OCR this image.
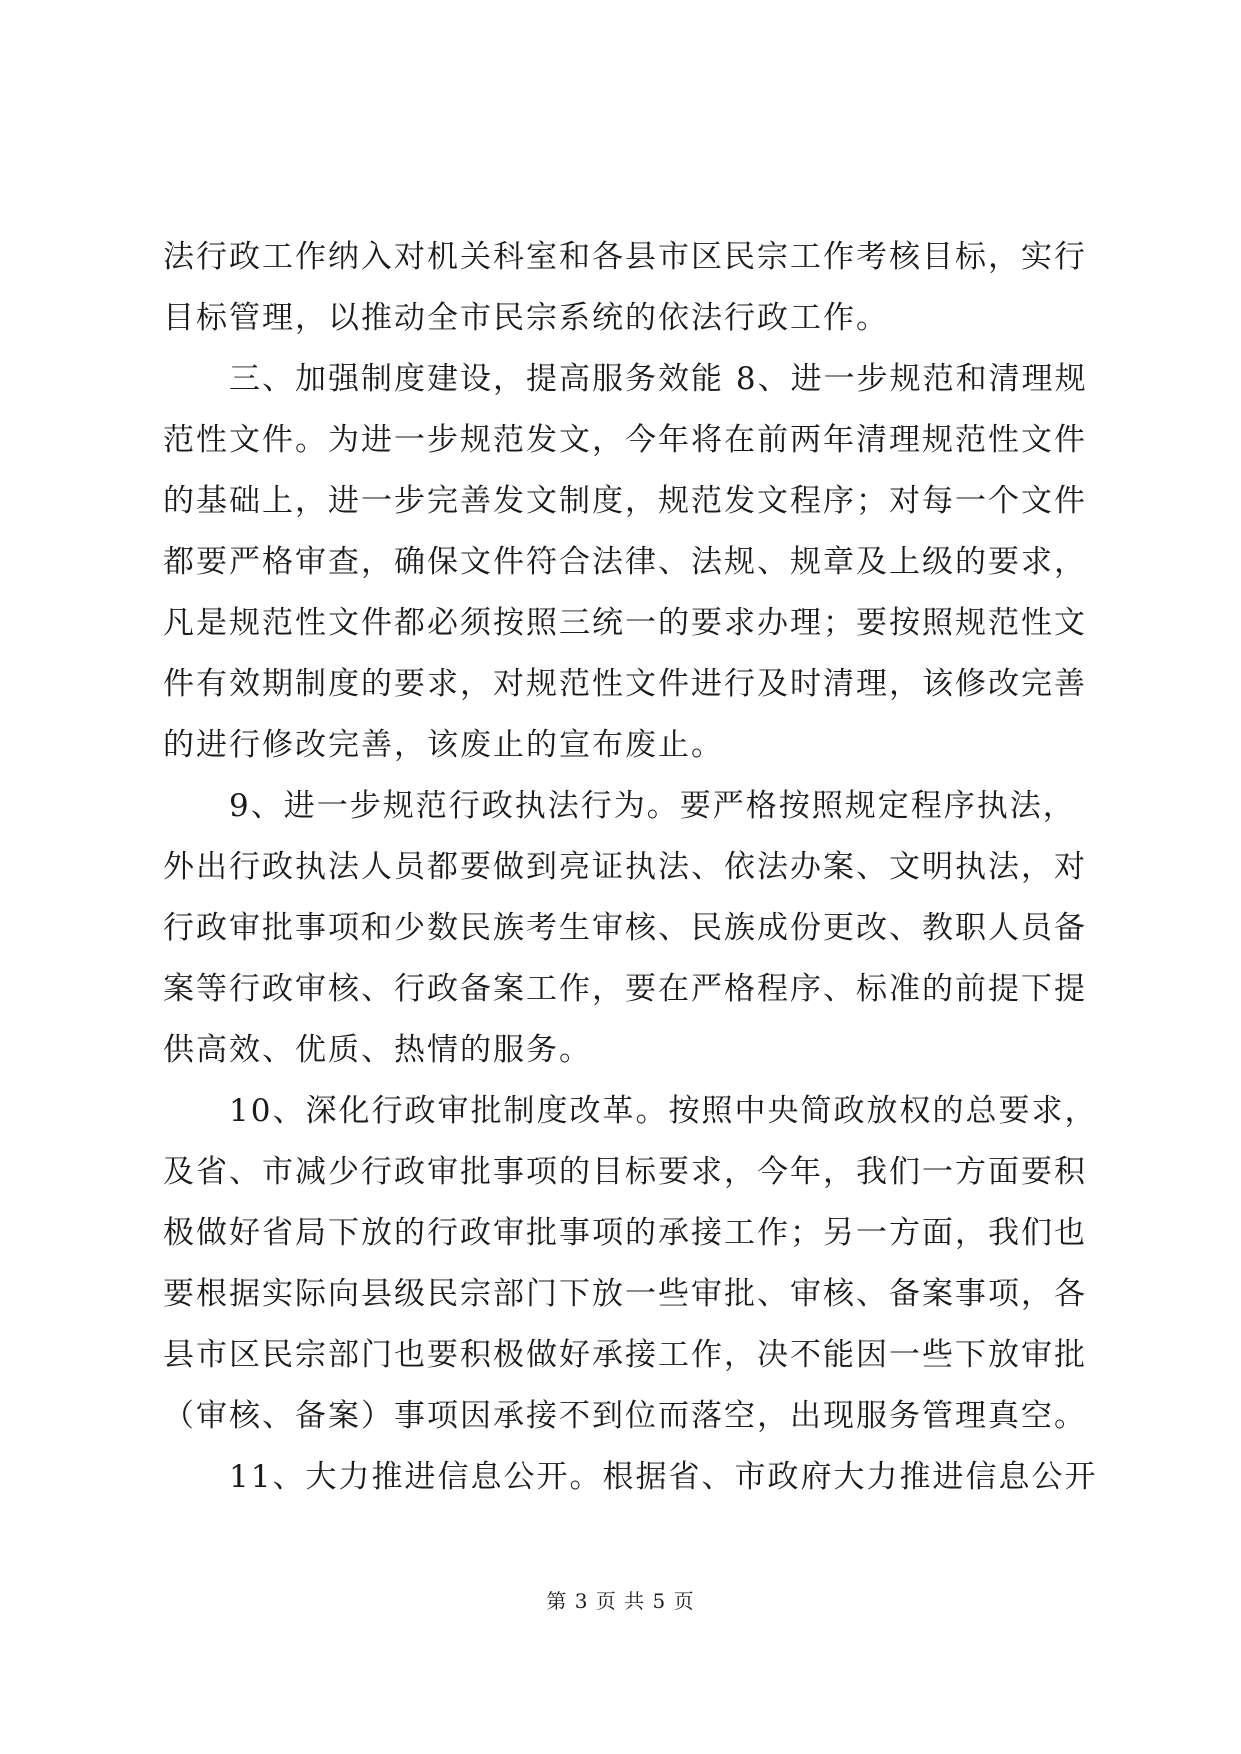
法行政工作纳入对机关科室和各县市区民宗工作考核目标，实行
目标管理，以推动全市民宗系统的依法行政工作。
　　三、加强制度建设，提高服务效能 8、进一步规范和清理规
范性文件。为进一步规范发文，今年将在前两年清理规范性文件
的基础上，进一步完善发文制度，规范发文程序；对每一个文件
都要严格审查，确保文件符合法律、法规、规章及上级的要求，
凡是规范性文件都必须按照三统一的要求办理；要按照规范性文
件有效期制度的要求，对规范性文件进行及时清理，该修改完善
的进行修改完善，该废止的宣布废止。
　　9、进一步规范行政执法行为。要严格按照规定程序执法，
外出行政执法人员都要做到亮证执法、依法办案、文明执法，对
行政审批事项和少数民族考生审核、民族成份更改、教职人员备
案等行政审核、行政备案工作，要在严格程序、标准的前提下提
供高效、优质、热情的服务。
　　10、深化行政审批制度改革。按照中央简政放权的总要求，
及省、市减少行政审批事项的目标要求，今年，我们一方面要积
极做好省局下放的行政审批事项的承接工作；另一方面，我们也
要根据实际向县级民宗部门下放一些审批、审核、备案事项，各
县市区民宗部门也要积极做好承接工作，决不能因一些下放审批
（审核、备案）事项因承接不到位而落空，出现服务管理真空。
　　11、大力推进信息公开。根据省、市政府大力推进信息公开
第 3 页 共 5 页
